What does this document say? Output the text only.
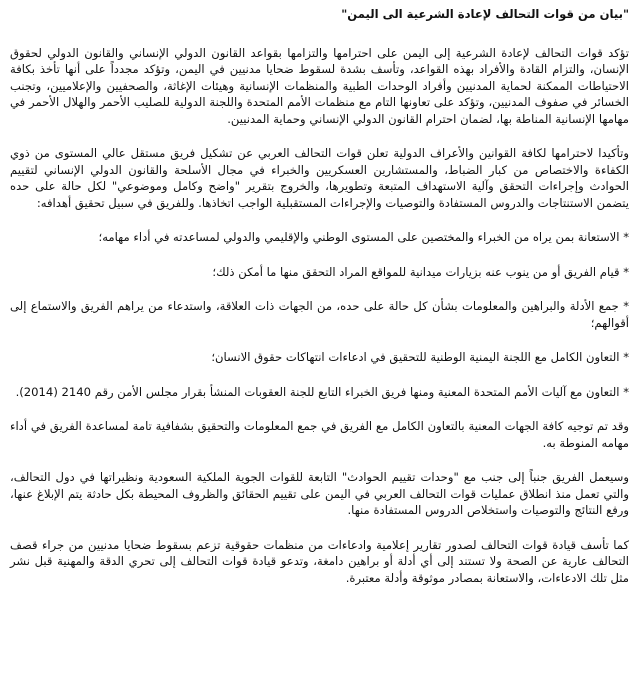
"بيان من قوات التحالف لإعادة الشرعية الى اليمن"

تؤكد قوات التحالف لإعادة الشرعية إلى اليمن على احترامها والتزامها بقواعد القانون الدولي الإنساني والقانون الدولي لحقوق الإنسان، والتزام القادة والأفراد بهذه القواعد، وتأسف بشدة لسقوط ضحايا مدنيين في اليمن، وتؤكد مجدداً على أنها تأخذ بكافة الاحتياطات الممكنة لحماية المدنيين وأفراد الوحدات الطبية والمنظمات الإنسانية وهيئات الإغاثة، والصحفيين والإعلاميين، وتجنب الخسائر في صفوف المدنيين، وتؤكد على تعاونها التام مع منظمات الأمم المتحدة واللجنة الدولية للصليب الأحمر والهلال الأحمر في مهامها الإنسانية المناطة بها، لضمان احترام القانون الدولي الإنساني وحماية المدنيين.

وتأكيدا لاحترامها لكافة القوانين والأعراف الدولية تعلن قوات التحالف العربي عن تشكيل فريق مستقل عالي المستوى من ذوي الكفاءة والاختصاص من كبار الضباط، والمستشارين العسكريين والخبراء في مجال الأسلحة والقانون الدولي الإنساني لتقييم الحوادث وإجراءات التحقق وآلية الاستهداف المتبعة وتطويرها، والخروج بتقرير "واضح وكامل وموضوعي" لكل حالة على حده يتضمن الاستنتاجات والدروس المستفادة والتوصيات والإجراءات المستقبلية الواجب اتخاذها. وللفريق في سبيل تحقيق أهدافه:

* الاستعانة بمن يراه من الخبراء والمختصين على المستوى الوطني والإقليمي والدولي لمساعدته في أداء مهامه؛

* قيام الفريق أو من ينوب عنه بزيارات ميدانية للمواقع المراد التحقق منها ما أمكن ذلك؛

* جمع الأدلة والبراهين والمعلومات بشأن كل حالة على حده، من الجهات ذات العلاقة، واستدعاء من يراهم الفريق والاستماع إلى أقوالهم؛

* التعاون الكامل مع اللجنة اليمنية الوطنية للتحقيق في ادعاءات انتهاكات حقوق الانسان؛

* التعاون مع آليات الأمم المتحدة المعنية ومنها فريق الخبراء التابع للجنة العقوبات المنشأ بقرار مجلس الأمن رقم 2140 (2014).

وقد تم توجيه كافة الجهات المعنية بالتعاون الكامل مع الفريق في جمع المعلومات والتحقيق بشفافية تامة لمساعدة الفريق في أداء مهامه المنوطة به.

وسيعمل الفريق جنباً إلى جنب مع "وحدات تقييم الحوادث" التابعة للقوات الجوية الملكية السعودية ونظيراتها في دول التحالف، والتي تعمل منذ انطلاق عمليات قوات التحالف العربي في اليمن على تقييم الحقائق والظروف المحيطة بكل حادثة يتم الإبلاغ عنها، ورفع النتائج والتوصيات واستخلاص الدروس المستفادة منها.

كما تأسف قيادة قوات التحالف لصدور تقارير إعلامية وادعاءات من منظمات حقوقية تزعم بسقوط ضحايا مدنيين من جراء قصف التحالف عارية عن الصحة ولا تستند إلى أي أدلة أو براهين دامغة، وتدعو قيادة قوات التحالف إلى تحري الدقة والمهنية قبل نشر مثل تلك الادعاءات، والاستعانة بمصادر موثوقة وأدلة معتبرة.
